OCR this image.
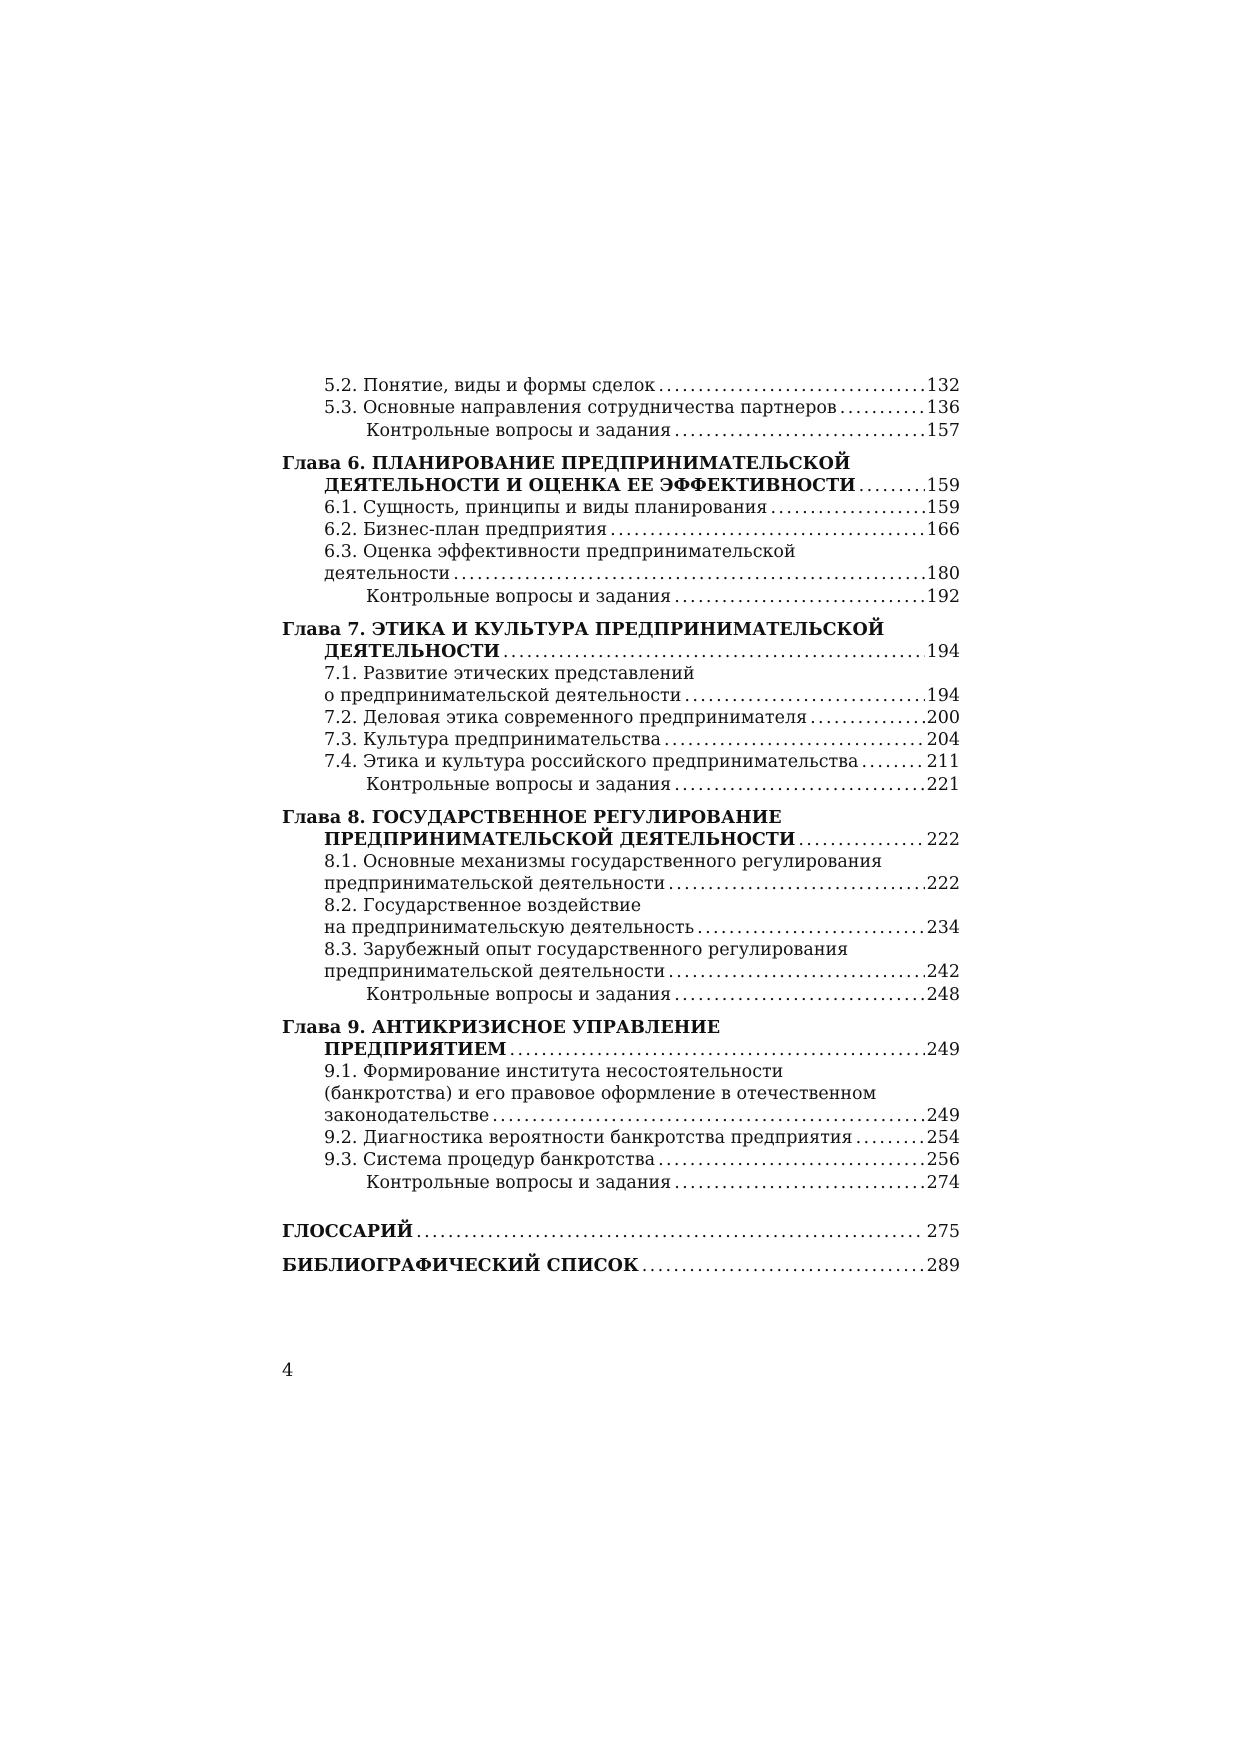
5.2. Понятие, виды и формы сделок . . .	132
5.3. Основные направления сотрудничества партнеров . . .	136
Контрольные вопросы и задания . . .	157
Глава 6. ПЛАНИРОВАНИЕ ПРЕДПРИНИМАТЕЛЬСКОЙ
ДЕЯТЕЛЬНОСТИ И ОЦЕНКА ЕЕ ЭФФЕКТИВНОСТИ . . .	159
6.1. Сущность, принципы и виды планирования . . .	159
6.2. Бизнес-план предприятия . . .	166
6.3. Оценка эффективности предпринимательской
деятельности . . .	180
Контрольные вопросы и задания . . .	192
Глава 7. ЭТИКА И КУЛЬТУРА ПРЕДПРИНИМАТЕЛЬСКОЙ
ДЕЯТЕЛЬНОСТИ . . .	194
7.1. Развитие этических представлений
о предпринимательской деятельности . . .	194
7.2. Деловая этика современного предпринимателя . . .	200
7.3. Культура предпринимательства . . .	204
7.4. Этика и культура российского предпринимательства . . .	211
Контрольные вопросы и задания . . .	221
Глава 8. ГОСУДАРСТВЕННОЕ РЕГУЛИРОВАНИЕ
ПРЕДПРИНИМАТЕЛЬСКОЙ ДЕЯТЕЛЬНОСТИ . . .	222
8.1. Основные механизмы государственного регулирования
предпринимательской деятельности . . .	222
8.2. Государственное воздействие
на предпринимательскую деятельность . . .	234
8.3. Зарубежный опыт государственного регулирования
предпринимательской деятельности . . .	242
Контрольные вопросы и задания . . .	248
Глава 9. АНТИКРИЗИСНОЕ УПРАВЛЕНИЕ
ПРЕДПРИЯТИЕМ . . .	249
9.1. Формирование института несостоятельности
(банкротства) и его правовое оформление в отечественном
законодательстве . . .	249
9.2. Диагностика вероятности банкротства предприятия . . .	254
9.3. Система процедур банкротства . . .	256
Контрольные вопросы и задания . . .	274
ГЛОССАРИЙ . . .	275
БИБЛИОГРАФИЧЕСКИЙ СПИСОК . . .	289
4
